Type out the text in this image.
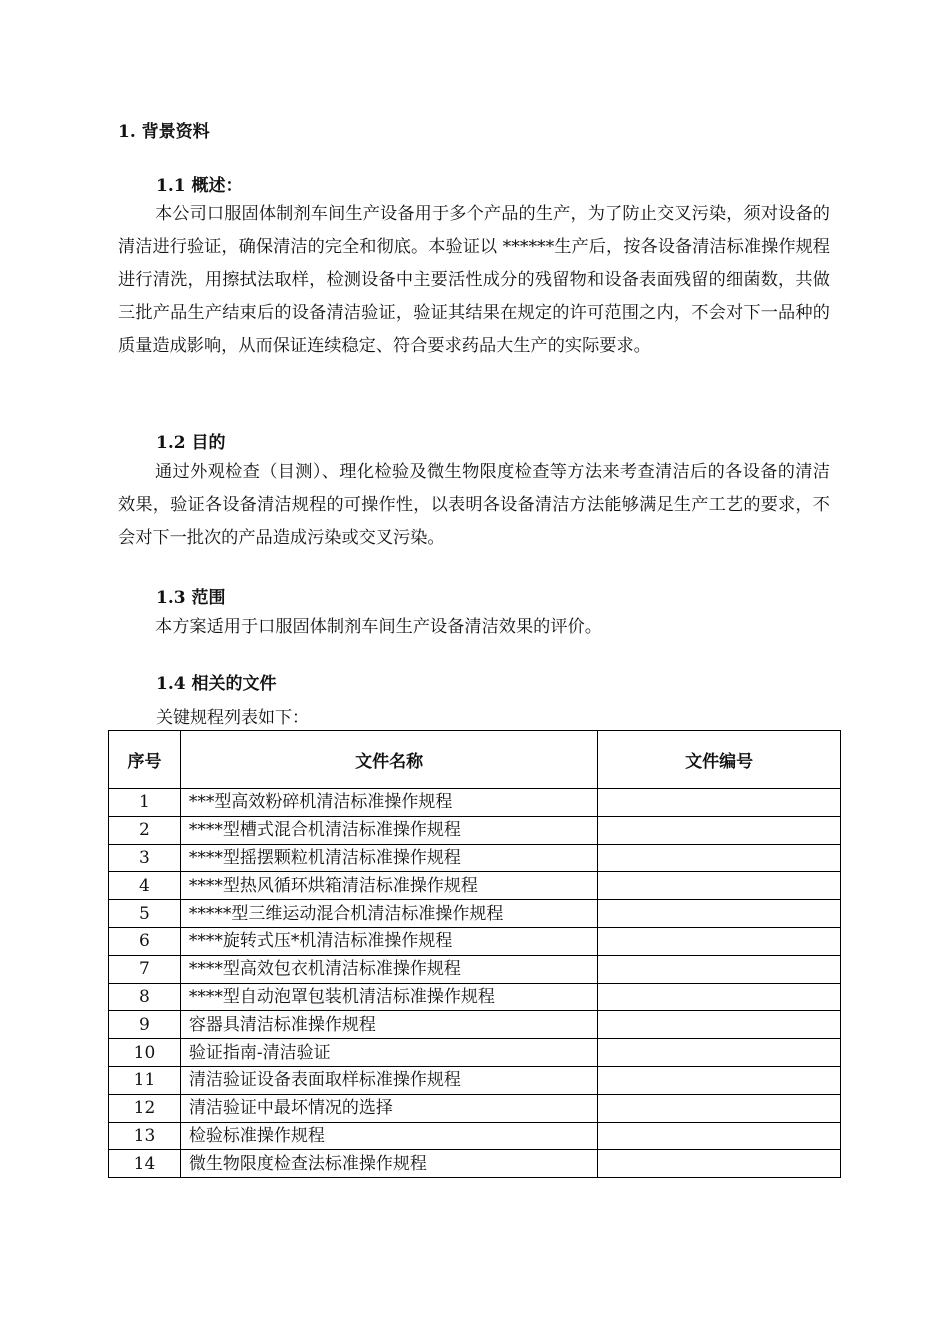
1. 背景资料
1.1 概述：

本公司口服固体制剂车间生产设备用于多个产品的生产，为了防止交叉污染，须对设备的清洁进行验证，确保清洁的完全和彻底。本验证以 ******生产后，按各设备清洁标准操作规程进行清洗，用擦拭法取样，检测设备中主要活性成分的残留物和设备表面残留的细菌数，共做三批产品生产结束后的设备清洁验证，验证其结果在规定的许可范围之内，不会对下一品种的质量造成影响，从而保证连续稳定、符合要求药品大生产的实际要求。

1.2 目的

通过外观检查（目测）、理化检验及微生物限度检查等方法来考查清洁后的各设备的清洁效果，验证各设备清洁规程的可操作性，以表明各设备清洁方法能够满足生产工艺的要求，不会对下一批次的产品造成污染或交叉污染。

1.3 范围

本方案适用于口服固体制剂车间生产设备清洁效果的评价。

1.4 相关的文件
关键规程列表如下：
序号	文件名称	文件编号
1	***型高效粉碎机清洁标准操作规程	
2	****型槽式混合机清洁标准操作规程	
3	****型摇摆颗粒机清洁标准操作规程	
4	****型热风循环烘箱清洁标准操作规程	
5	*****型三维运动混合机清洁标准操作规程	
6	****旋转式压*机清洁标准操作规程	
7	****型高效包衣机清洁标准操作规程	
8	****型自动泡罩包装机清洁标准操作规程	
9	容器具清洁标准操作规程	
10	验证指南-清洁验证	
11	清洁验证设备表面取样标准操作规程	
12	清洁验证中最坏情况的选择	
13	检验标准操作规程	
14	微生物限度检查法标准操作规程	
